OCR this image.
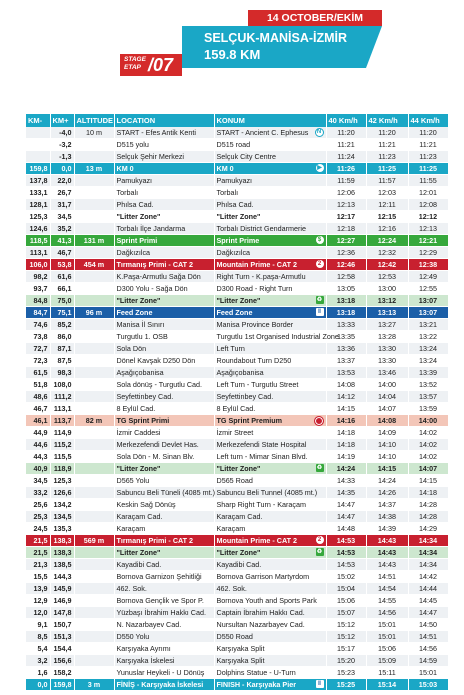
14 OCTOBER/EKİM
SELÇUK-MANİSA-İZMİR
159.8 KM
STAGE
ETAP /07
KM-	KM+	ALTITUDE	LOCATION	KONUM	40 Km/h	42 Km/h	44 Km/h
	-4,0	10 m	START - Efes Antik Kenti	START - Ancient C. Ephesus N	11:20	11:20	11:20
	-3,2		D515 yolu	D515 road	11:21	11:21	11:21
	-1,3		Selçuk Şehir Merkezi	Selçuk City Centre	11:24	11:23	11:23
159,8	0,0	13 m	KM 0	KM 0 ▶	11:26	11:25	11:25
137,8	22,0		Pamukyazı	Pamukyazı	11:59	11:57	11:55
133,1	26,7		Torbalı	Torbalı	12:06	12:03	12:01
128,1	31,7		Phılsa Cad.	Phılsa Cad.	12:13	12:11	12:08
125,3	34,5		"Litter Zone"	"Litter Zone"	12:17	12:15	12:12
124,6	35,2		Torbalı İlçe Jandarma	Torbalı District Gendarmerie	12:18	12:16	12:13
118,5	41,3	131 m	Sprint Primi	Sprint Prime $	12:27	12:24	12:21
113,1	46,7		Dağkızılca	Dağkızılca	12:36	12:32	12:29
106,0	53,8	454 m	Tırmanış Primi - CAT 2	Mountain Prime - CAT 2 2	12:46	12:42	12:38
98,2	61,6		K.Paşa-Armutlu Sağa Dön	Right Turn - K.paşa-Armutlu	12:58	12:53	12:49
93,7	66,1		D300 Yolu - Sağa Dön	D300 Road - Right Turn	13:05	13:00	12:55
84,8	75,0		"Litter Zone"	"Litter Zone" ♻	13:18	13:12	13:07
84,7	75,1	96 m	Feed Zone	Feed Zone ‖	13:18	13:13	13:07
74,6	85,2		Manisa İl Sınırı	Manisa Province Border	13:33	13:27	13:21
73,8	86,0		Turgutlu 1. OSB	Turgutlu 1st Organised Industrial Zone	13:35	13:28	13:22
72,7	87,1		Sola Dön	Left Turn	13:36	13:30	13:24
72,3	87,5		Dönel Kavşak D250 Dön	Roundabout Turn D250	13:37	13:30	13:24
61,5	98,3		Aşağıçobanisa	Aşağıçobanisa	13:53	13:46	13:39
51,8	108,0		Sola dönüş - Turgutlu Cad.	Left Turn - Turgutlu Street	14:08	14:00	13:52
48,6	111,2		Seyfettinbey Cad.	Seyfettinbey Cad.	14:12	14:04	13:57
46,7	113,1		8 Eylül Cad.	8 Eylül Cad.	14:15	14:07	13:59
46,1	113,7	82 m	TG Sprint Primi	TG Sprint Premium	14:16	14:08	14:00
44,9	114,9		İzmir Caddesi	İzmir Street	14:18	14:09	14:02
44,6	115,2		Merkezefendi Devlet Has.	Merkezefendi State Hospital	14:18	14:10	14:02
44,3	115,5		Sola Dön - M. Sinan Blv.	Left turn - Mimar Sinan Blvd.	14:19	14:10	14:02
40,9	118,9		"Litter Zone"	"Litter Zone" ♻	14:24	14:15	14:07
34,5	125,3		D565 Yolu	D565 Road	14:33	14:24	14:15
33,2	126,6		Sabuncu Beli Tüneli (4085 mt.)	Sabuncu Beli Tunnel (4085 mt.)	14:35	14:26	14:18
25,6	134,2		Keskin Sağ Dönüş	Sharp Right Turn - Karaçam	14:47	14:37	14:28
25,3	134,5		Karaçam Cad.	Karaçam Cad.	14:47	14:38	14:28
24,5	135,3		Karaçam	Karaçam	14:48	14:39	14:29
21,5	138,3	569 m	Tırmanış Primi - CAT 2	Mountain Prime - CAT 2 2	14:53	14:43	14:34
21,5	138,3		"Litter Zone"	"Litter Zone" ♻	14:53	14:43	14:34
21,3	138,5		Kayadibi Cad.	Kayadibi Cad.	14:53	14:43	14:34
15,5	144,3		Bornova Garnizon Şehitliği	Bornova Garrison Martyrdom	15:02	14:51	14:42
13,9	145,9		462. Sok.	462. Sok.	15:04	14:54	14:44
12,9	146,9		Bornova Gençlik ve Spor P.	Bornova Youth and Sports Park	15:06	14:55	14:45
12,0	147,8		Yüzbaşı İbrahim Hakkı Cad.	Captain İbrahim Hakkı Cad.	15:07	14:56	14:47
9,1	150,7		N. Nazarbayev Cad.	Nursultan Nazarbayev Cad.	15:12	15:01	14:50
8,5	151,3		D550 Yolu	D550 Road	15:12	15:01	14:51
5,4	154,4		Karşıyaka Ayrımı	Karşıyaka Split	15:17	15:06	14:56
3,2	156,6		Karşıyaka İskelesi	Karşıyaka Split	15:20	15:09	14:59
1,6	158,2		Yunuslar Heykeli - U Dönüş	Dolphins Statue - U-Turn	15:23	15:11	15:01
0,0	159,8	3 m	FİNİŞ - Karşıyaka İskelesi	FINISH - Karşıyaka Pier ‖	15:25	15:14	15:03
